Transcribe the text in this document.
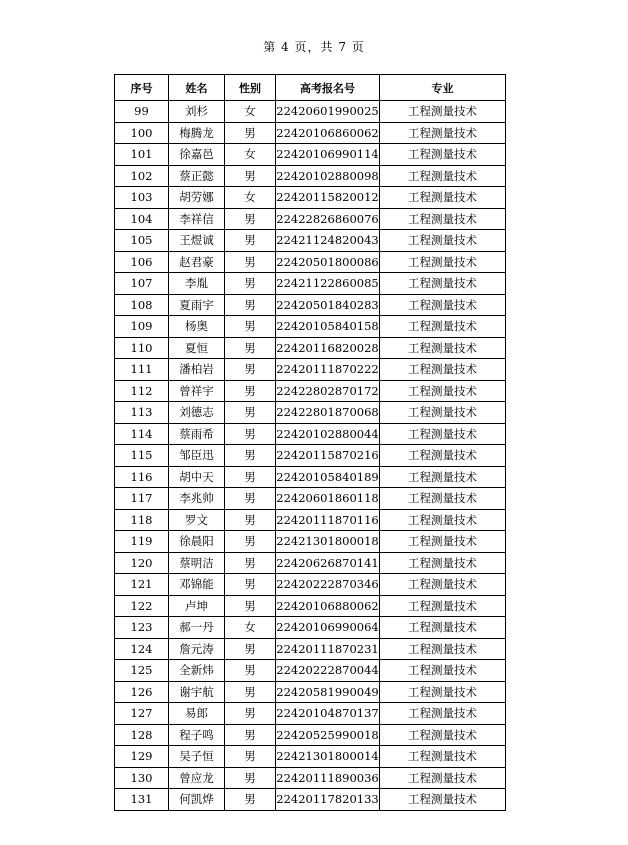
第 4 页，共 7 页
序号	姓名	性别	高考报名号	专业
99	刘杉	女	22420601990025	工程测量技术
100	梅腾龙	男	22420106860062	工程测量技术
101	徐嘉邑	女	22420106990114	工程测量技术
102	蔡正懿	男	22420102880098	工程测量技术
103	胡劳娜	女	22420115820012	工程测量技术
104	李祥信	男	22422826860076	工程测量技术
105	王煜诚	男	22421124820043	工程测量技术
106	赵君豪	男	22420501800086	工程测量技术
107	李胤	男	22421122860085	工程测量技术
108	夏雨宇	男	22420501840283	工程测量技术
109	杨奥	男	22420105840158	工程测量技术
110	夏恒	男	22420116820028	工程测量技术
111	潘柏岩	男	22420111870222	工程测量技术
112	曾祥宇	男	22422802870172	工程测量技术
113	刘德志	男	22422801870068	工程测量技术
114	蔡雨希	男	22420102880044	工程测量技术
115	邹臣迅	男	22420115870216	工程测量技术
116	胡中天	男	22420105840189	工程测量技术
117	李兆帅	男	22420601860118	工程测量技术
118	罗文	男	22420111870116	工程测量技术
119	徐晨阳	男	22421301800018	工程测量技术
120	蔡明洁	男	22420626870141	工程测量技术
121	邓锦能	男	22420222870346	工程测量技术
122	卢坤	男	22420106880062	工程测量技术
123	郝一丹	女	22420106990064	工程测量技术
124	詹元涛	男	22420111870231	工程测量技术
125	全新炜	男	22420222870044	工程测量技术
126	谢宇航	男	22420581990049	工程测量技术
127	易郎	男	22420104870137	工程测量技术
128	程子鸣	男	22420525990018	工程测量技术
129	吴子恒	男	22421301800014	工程测量技术
130	曾应龙	男	22420111890036	工程测量技术
131	何凯烨	男	22420117820133	工程测量技术
